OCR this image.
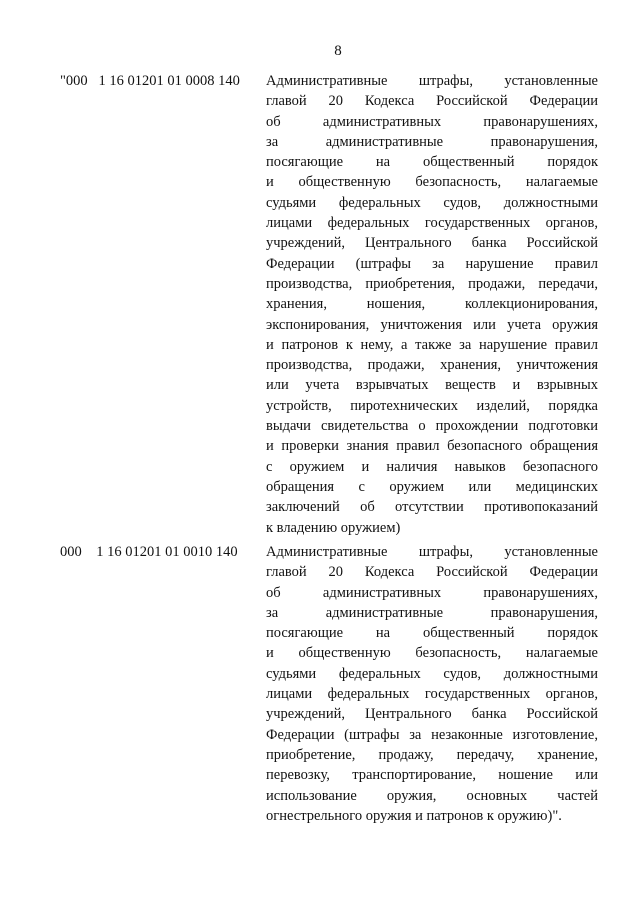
8
"000   1 16 01201 01 0008 140 Административные штрафы, установленные
главой 20 Кодекса Российской Федерации
об административных правонарушениях,
за административные правонарушения,
посягающие на общественный порядок
и общественную безопасность, налагаемые
судьями федеральных судов, должностными
лицами федеральных государственных органов,
учреждений, Центрального банка Российской
Федерации (штрафы за нарушение правил
производства, приобретения, продажи, передачи,
хранения, ношения, коллекционирования,
экспонирования, уничтожения или учета оружия
и патронов к нему, а также за нарушение правил
производства, продажи, хранения, уничтожения
или учета взрывчатых веществ и взрывных
устройств, пиротехнических изделий, порядка
выдачи свидетельства о прохождении подготовки
и проверки знания правил безопасного обращения
с оружием и наличия навыков безопасного
обращения с оружием или медицинских
заключений об отсутствии противопоказаний
к владению оружием)
000    1 16 01201 01 0010 140 Административные штрафы, установленные
главой 20 Кодекса Российской Федерации
об административных правонарушениях,
за административные правонарушения,
посягающие на общественный порядок
и общественную безопасность, налагаемые
судьями федеральных судов, должностными
лицами федеральных государственных органов,
учреждений, Центрального банка Российской
Федерации (штрафы за незаконные изготовление,
приобретение, продажу, передачу, хранение,
перевозку, транспортирование, ношение или
использование оружия, основных частей
огнестрельного оружия и патронов к оружию)".
